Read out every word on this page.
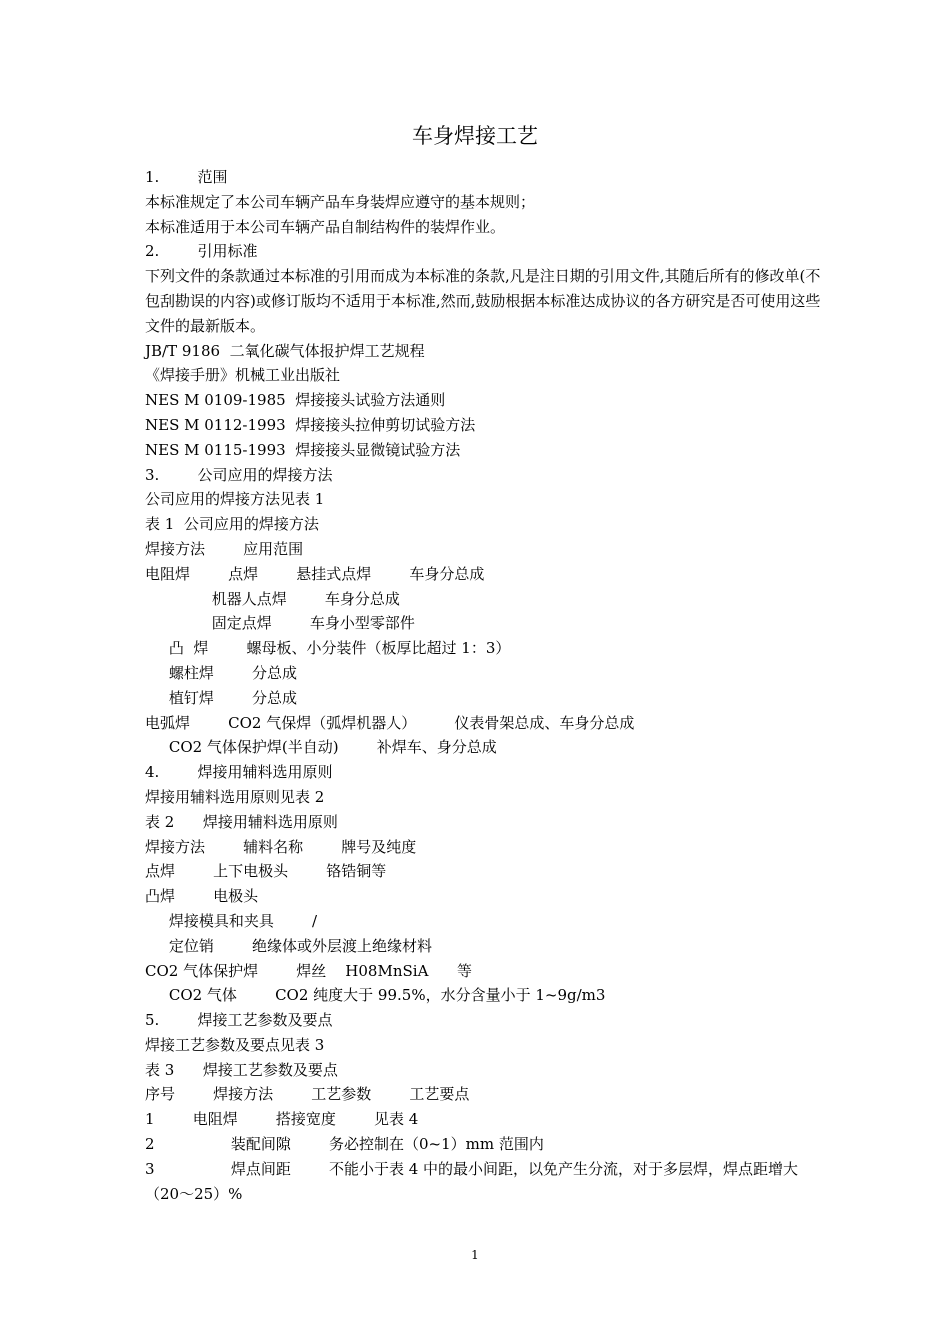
车身焊接工艺
1.        范围
本标准规定了本公司车辆产品车身装焊应遵守的基本规则；
本标准适用于本公司车辆产品自制结构件的装焊作业。
2.        引用标准
下列文件的条款通过本标准的引用而成为本标准的条款,凡是注日期的引用文件,其随后所有的修改单(不包刮勘误的内容)或修订版均不适用于本标准,然而,鼓励根据本标准达成协议的各方研究是否可使用这些文件的最新版本。
JB/T 9186  二氧化碳气体报护焊工艺规程
《焊接手册》机械工业出版社
NES M 0109-1985  焊接接头试验方法通则
NES M 0112-1993  焊接接头拉伸剪切试验方法
NES M 0115-1993  焊接接头显微镜试验方法
3.        公司应用的焊接方法
公司应用的焊接方法见表 1
表 1  公司应用的焊接方法
焊接方法        应用范围
电阻焊        点焊        悬挂式点焊        车身分总成
机器人点焊        车身分总成
固定点焊        车身小型零部件
凸  焊        螺母板、小分装件（板厚比超过 1：3）
螺柱焊        分总成
植钉焊        分总成
电弧焊        CO2 气保焊（弧焊机器人）        仪表骨架总成、车身分总成
CO2 气体保护焊(半自动)        补焊车、身分总成
4.        焊接用辅料选用原则
焊接用辅料选用原则见表 2
表 2      焊接用辅料选用原则
焊接方法        辅料名称        牌号及纯度
点焊        上下电极头        铬锆铜等
凸焊        电极头
焊接模具和夹具        /
定位销        绝缘体或外层渡上绝缘材料
CO2 气体保护焊        焊丝    H08MnSiA      等
CO2 气体        CO2 纯度大于 99.5%，水分含量小于 1~9g/m3
5.        焊接工艺参数及要点
焊接工艺参数及要点见表 3
表 3      焊接工艺参数及要点
序号        焊接方法        工艺参数        工艺要点
1        电阻焊        搭接宽度        见表 4
2                装配间隙        务必控制在（0~1）mm 范围内
3                焊点间距        不能小于表 4 中的最小间距，以免产生分流，对于多层焊，焊点距增大（20～25）%
1
